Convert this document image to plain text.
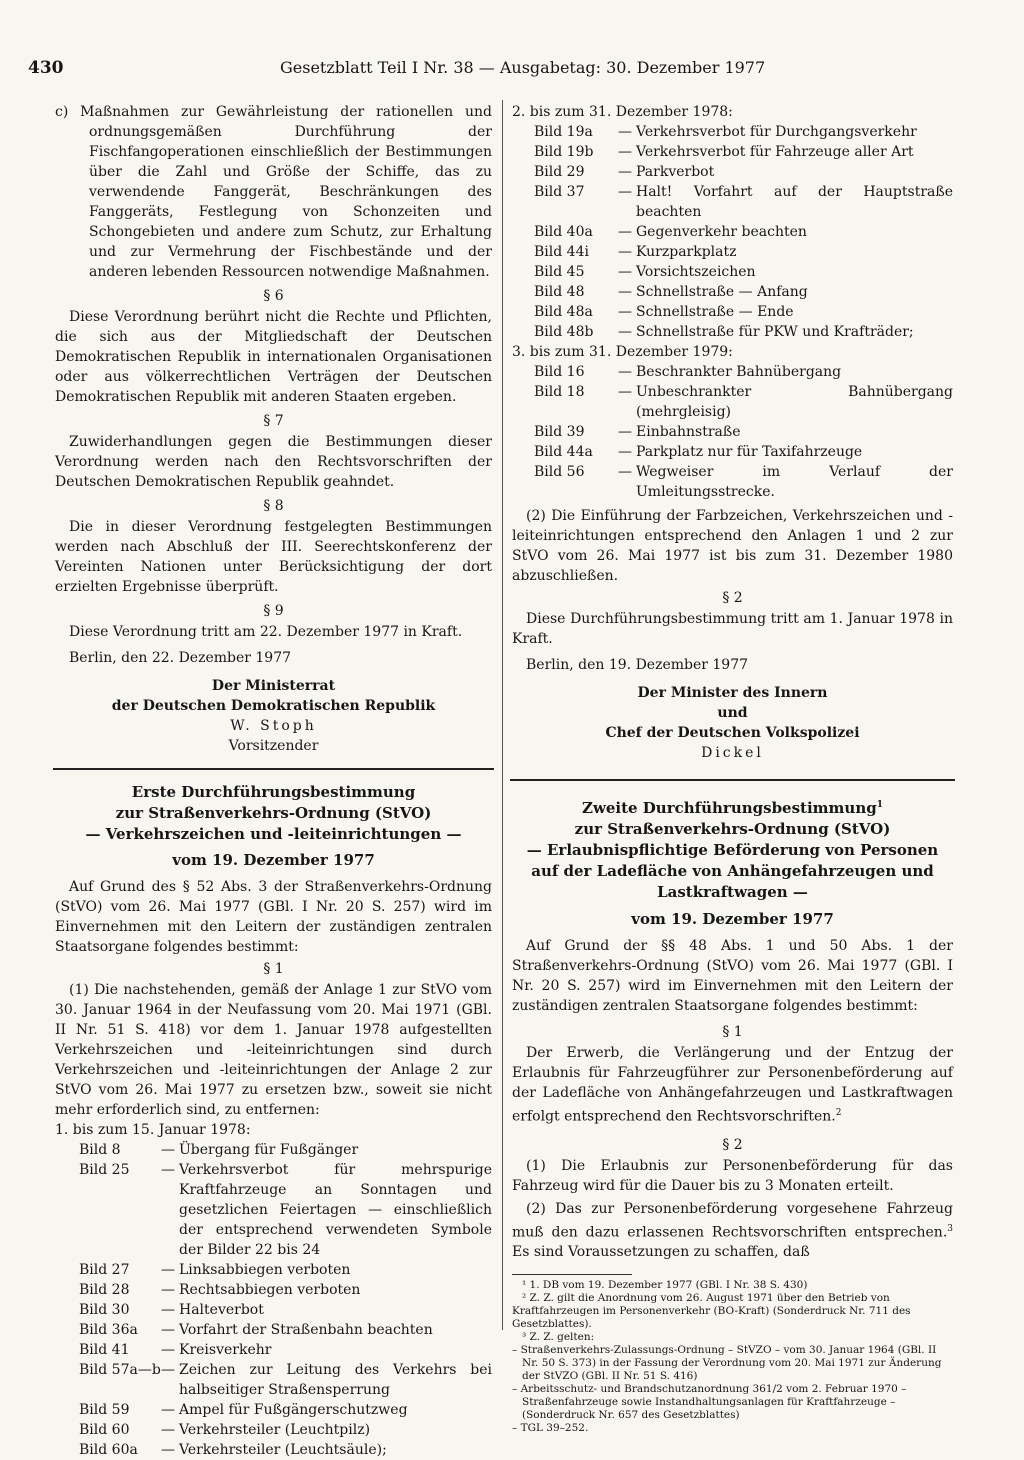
430	Gesetzblatt Teil I Nr. 38 — Ausgabetag: 30. Dezember 1977

c) Maßnahmen zur Gewährleistung der rationellen und ordnungsgemäßen Durchführung der Fischfangoperationen einschließlich der Bestimmungen über die Zahl und Größe der Schiffe, das zu verwendende Fanggerät, Beschränkungen des Fanggeräts, Festlegung von Schonzeiten und Schongebieten und andere zum Schutz, zur Erhaltung und zur Vermehrung der Fischbestände und der anderen lebenden Ressourcen notwendige Maßnahmen.

§ 6

Diese Verordnung berührt nicht die Rechte und Pflichten, die sich aus der Mitgliedschaft der Deutschen Demokratischen Republik in internationalen Organisationen oder aus völkerrechtlichen Verträgen der Deutschen Demokratischen Republik mit anderen Staaten ergeben.

§ 7

Zuwiderhandlungen gegen die Bestimmungen dieser Verordnung werden nach den Rechtsvorschriften der Deutschen Demokratischen Republik geahndet.

§ 8

Die in dieser Verordnung festgelegten Bestimmungen werden nach Abschluß der III. Seerechtskonferenz der Vereinten Nationen unter Berücksichtigung der dort erzielten Ergebnisse überprüft.

§ 9

Diese Verordnung tritt am 22. Dezember 1977 in Kraft.

Berlin, den 22. Dezember 1977

Der Ministerrat
der Deutschen Demokratischen Republik
W. Stoph
Vorsitzender
Erste Durchführungsbestimmung
zur Straßenverkehrs-Ordnung (StVO)
— Verkehrszeichen und -leiteinrichtungen —
vom 19. Dezember 1977

Auf Grund des § 52 Abs. 3 der Straßenverkehrs-Ordnung (StVO) vom 26. Mai 1977 (GBl. I Nr. 20 S. 257) wird im Einvernehmen mit den Leitern der zuständigen zentralen Staatsorgane folgendes bestimmt:

§ 1

(1) Die nachstehenden, gemäß der Anlage 1 zur StVO vom 30. Januar 1964 in der Neufassung vom 20. Mai 1971 (GBl. II Nr. 51 S. 418) vor dem 1. Januar 1978 aufgestellten Verkehrszeichen und -leiteinrichtungen sind durch Verkehrszeichen und -leiteinrichtungen der Anlage 2 zur StVO vom 26. Mai 1977 zu ersetzen bzw., soweit sie nicht mehr erforderlich sind, zu entfernen:

1. bis zum 15. Januar 1978:

Bild 8	— Übergang für Fußgänger
Bild 25	— Verkehrsverbot für mehrspurige Kraftfahrzeuge an Sonntagen und gesetzlichen Feiertagen — einschließlich der entsprechend verwendeten Symbole der Bilder 22 bis 24
Bild 27	— Linksabbiegen verboten
Bild 28	— Rechtsabbiegen verboten
Bild 30	— Halteverbot
Bild 36a	— Vorfahrt der Straßenbahn beachten
Bild 41	— Kreisverkehr
Bild 57a—b — Zeichen zur Leitung des Verkehrs bei halbseitiger Straßensperrung
Bild 59	— Ampel für Fußgängerschutzweg
Bild 60	— Verkehrsteiler (Leuchtpilz)
Bild 60a	— Verkehrsteiler (Leuchtsäule);

2. bis zum 31. Dezember 1978:

Bild 19a	— Verkehrsverbot für Durchgangsverkehr
Bild 19b	— Verkehrsverbot für Fahrzeuge aller Art
Bild 29	— Parkverbot
Bild 37	— Halt! Vorfahrt auf der Hauptstraße beachten
Bild 40a	— Gegenverkehr beachten
Bild 44i	— Kurzparkplatz
Bild 45	— Vorsichtszeichen
Bild 48	— Schnellstraße — Anfang
Bild 48a	— Schnellstraße — Ende
Bild 48b	— Schnellstraße für PKW und Krafträder;

3. bis zum 31. Dezember 1979:

Bild 16	— Beschrankter Bahnübergang
Bild 18	— Unbeschrankter Bahnübergang (mehrgleisig)
Bild 39	— Einbahnstraße
Bild 44a	— Parkplatz nur für Taxifahrzeuge
Bild 56	— Wegweiser im Verlauf der Umleitungsstrecke.

(2) Die Einführung der Farbzeichen, Verkehrszeichen und -leiteinrichtungen entsprechend den Anlagen 1 und 2 zur StVO vom 26. Mai 1977 ist bis zum 31. Dezember 1980 abzuschließen.

§ 2

Diese Durchführungsbestimmung tritt am 1. Januar 1978 in Kraft.

Berlin, den 19. Dezember 1977

Der Minister des Innern
und
Chef der Deutschen Volkspolizei
Dickel
Zweite Durchführungsbestimmung$^1$
zur Straßenverkehrs-Ordnung (StVO)
— Erlaubnispflichtige Beförderung von Personen auf der Ladefläche von Anhängefahrzeugen und Lastkraftwagen —
vom 19. Dezember 1977

Auf Grund der §§ 48 Abs. 1 und 50 Abs. 1 der Straßenverkehrs-Ordnung (StVO) vom 26. Mai 1977 (GBl. I Nr. 20 S. 257) wird im Einvernehmen mit den Leitern der zuständigen zentralen Staatsorgane folgendes bestimmt:

§ 1

Der Erwerb, die Verlängerung und der Entzug der Erlaubnis für Fahrzeugführer zur Personenbeförderung auf der Ladefläche von Anhängefahrzeugen und Lastkraftwagen erfolgt entsprechend den Rechtsvorschriften.$^2$

§ 2

(1) Die Erlaubnis zur Personenbeförderung für das Fahrzeug wird für die Dauer bis zu 3 Monaten erteilt.

(2) Das zur Personenbeförderung vorgesehene Fahrzeug muß den dazu erlassenen Rechtsvorschriften entsprechen.$^3$ Es sind Voraussetzungen zu schaffen, daß

¹ 1. DB vom 19. Dezember 1977 (GBl. I Nr. 38 S. 430)

² Z. Z. gilt die Anordnung vom 26. August 1971 über den Betrieb von Kraftfahrzeugen im Personenverkehr (BO-Kraft) (Sonderdruck Nr. 711 des Gesetzblattes).

³ Z. Z. gelten:

– Straßenverkehrs-Zulassungs-Ordnung – StVZO – vom 30. Januar 1964 (GBl. II Nr. 50 S. 373) in der Fassung der Verordnung vom 20. Mai 1971 zur Änderung der StVZO (GBl. II Nr. 51 S. 416)

– Arbeitsschutz- und Brandschutzanordnung 361/2 vom 2. Februar 1970 – Straßenfahrzeuge sowie Instandhaltungsanlagen für Kraftfahrzeuge – (Sonderdruck Nr. 657 des Gesetzblattes)

– TGL 39–252.
